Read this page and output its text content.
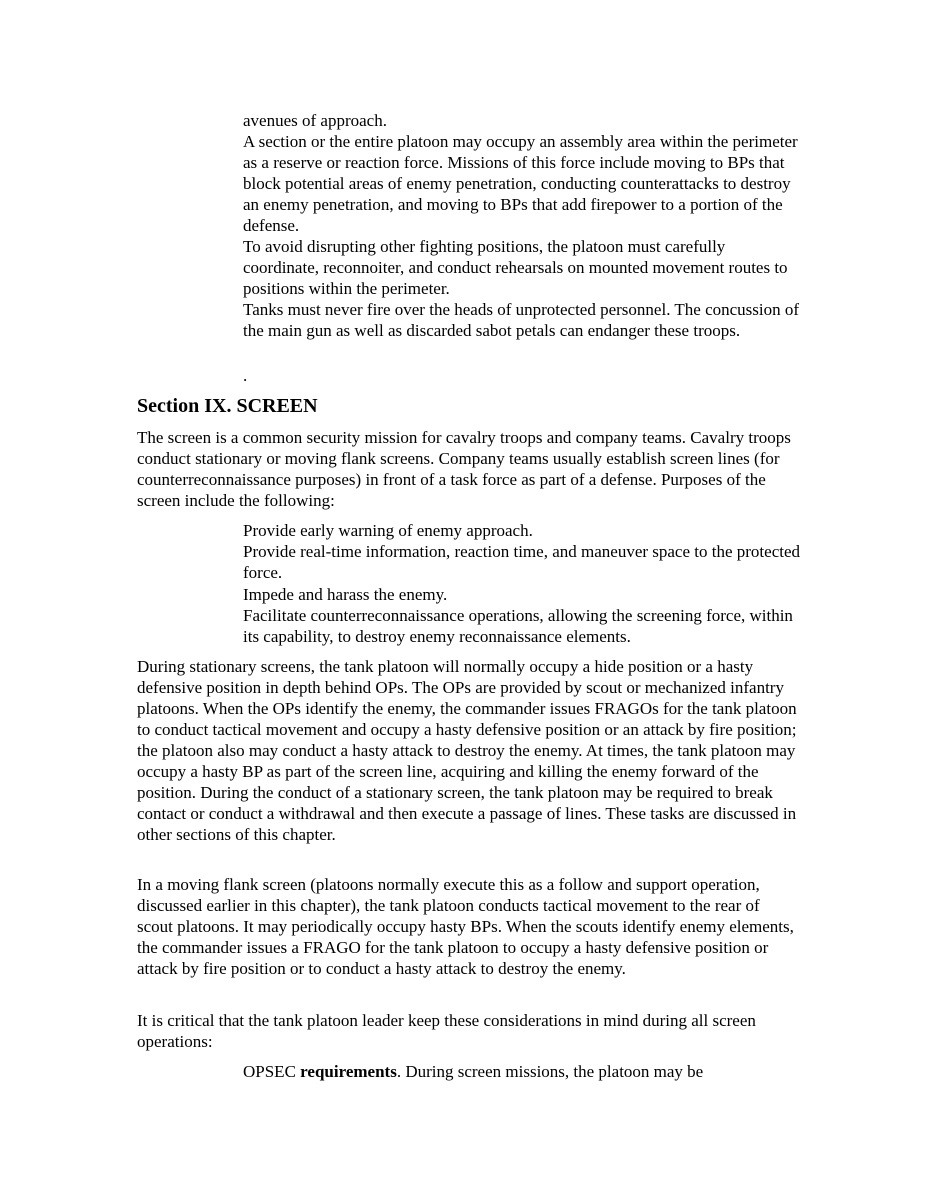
avenues of approach.

A section or the entire platoon may occupy an assembly area within the perimeter as a reserve or reaction force. Missions of this force include moving to BPs that block potential areas of enemy penetration, conducting counterattacks to destroy an enemy penetration, and moving to BPs that add firepower to a portion of the defense.

To avoid disrupting other fighting positions, the platoon must carefully coordinate, reconnoiter, and conduct rehearsals on mounted movement routes to positions within the perimeter.

Tanks must never fire over the heads of unprotected personnel. The concussion of the main gun as well as discarded sabot petals can endanger these troops.

.

Section IX. SCREEN

The screen is a common security mission for cavalry troops and company teams. Cavalry troops conduct stationary or moving flank screens. Company teams usually establish screen lines (for counterreconnaissance purposes) in front of a task force as part of a defense. Purposes of the screen include the following:

Provide early warning of enemy approach.

Provide real-time information, reaction time, and maneuver space to the protected force.

Impede and harass the enemy.

Facilitate counterreconnaissance operations, allowing the screening force, within its capability, to destroy enemy reconnaissance elements.

During stationary screens, the tank platoon will normally occupy a hide position or a hasty defensive position in depth behind OPs. The OPs are provided by scout or mechanized infantry platoons. When the OPs identify the enemy, the commander issues FRAGOs for the tank platoon to conduct tactical movement and occupy a hasty defensive position or an attack by fire position; the platoon also may conduct a hasty attack to destroy the enemy. At times, the tank platoon may occupy a hasty BP as part of the screen line, acquiring and killing the enemy forward of the position. During the conduct of a stationary screen, the tank platoon may be required to break contact or conduct a withdrawal and then execute a passage of lines. These tasks are discussed in other sections of this chapter.

In a moving flank screen (platoons normally execute this as a follow and support operation, discussed earlier in this chapter), the tank platoon conducts tactical movement to the rear of scout platoons. It may periodically occupy hasty BPs. When the scouts identify enemy elements, the commander issues a FRAGO for the tank platoon to occupy a hasty defensive position or attack by fire position or to conduct a hasty attack to destroy the enemy.

It is critical that the tank platoon leader keep these considerations in mind during all screen operations:

OPSEC requirements. During screen missions, the platoon may be
